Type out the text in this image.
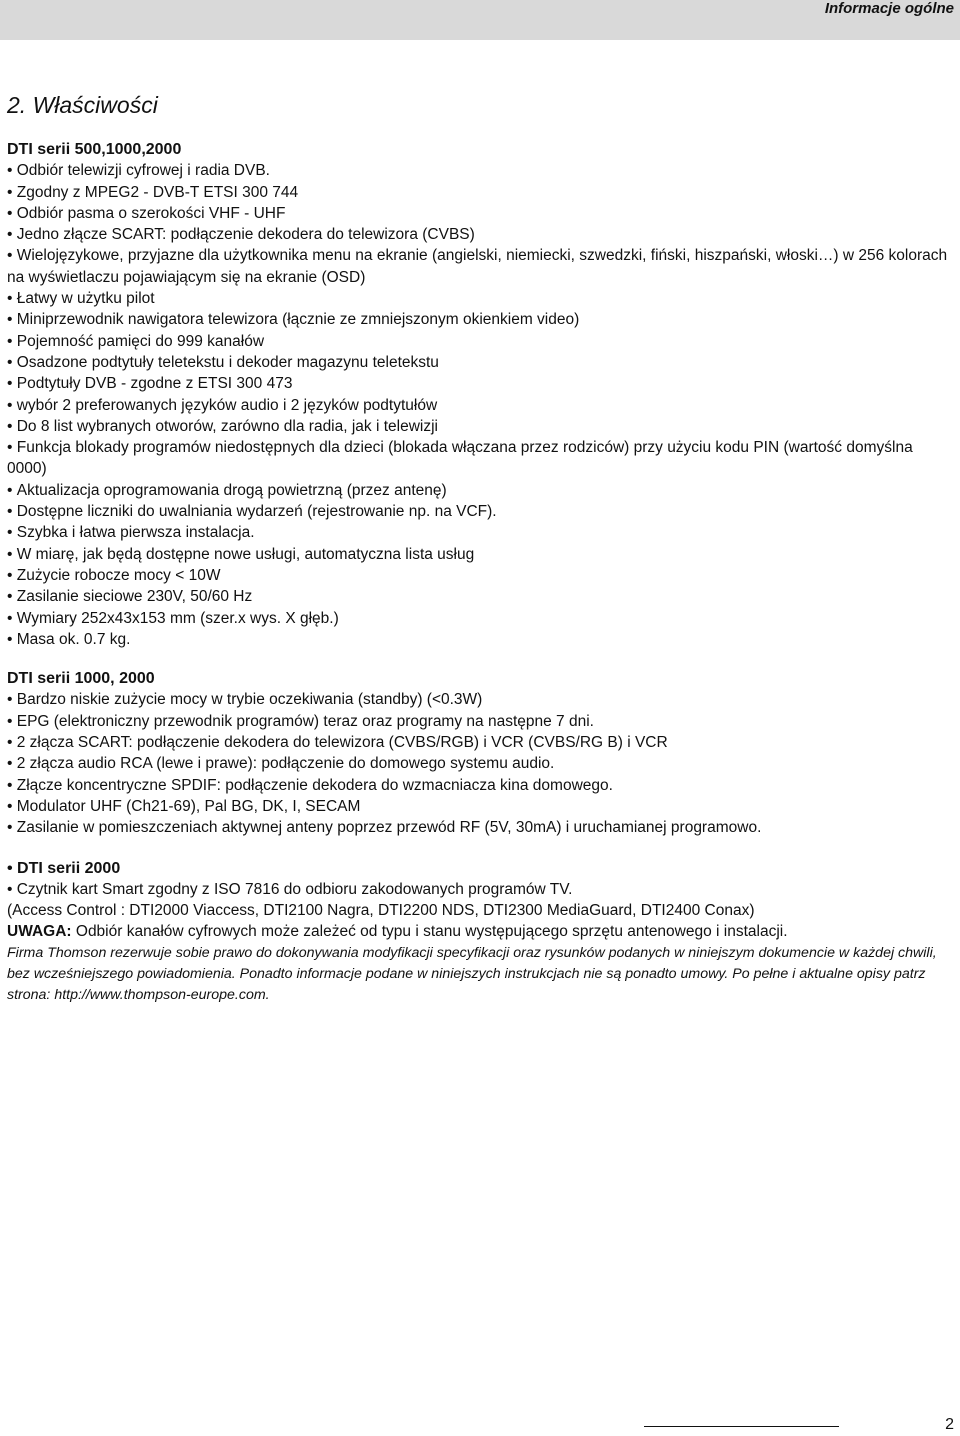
Informacje ogólne
2. Właściwości

DTI serii 500,1000,2000

• Odbiór telewizji cyfrowej i radia DVB.
• Zgodny z MPEG2 - DVB-T ETSI 300 744
• Odbiór pasma o szerokości VHF - UHF
• Jedno złącze SCART: podłączenie dekodera do telewizora (CVBS)
• Wielojęzykowe, przyjazne dla użytkownika menu na ekranie (angielski, niemiecki, szwedzki, fiński, hiszpański, włoski…) w 256 kolorach na wyświetlaczu pojawiającym się na ekranie (OSD)
• Łatwy w użytku pilot
• Miniprzewodnik nawigatora telewizora (łącznie ze zmniejszonym okienkiem video)
• Pojemność pamięci do 999 kanałów
• Osadzone podtytuły teletekstu i dekoder magazynu teletekstu
• Podtytuły DVB - zgodne z ETSI 300 473
• wybór 2 preferowanych języków audio i 2 języków podtytułów
• Do 8 list wybranych otworów, zarówno dla radia, jak i telewizji
• Funkcja blokady programów niedostępnych dla dzieci (blokada włączana przez rodziców) przy użyciu kodu PIN (wartość domyślna 0000)
• Aktualizacja oprogramowania drogą powietrzną (przez antenę)
• Dostępne liczniki do uwalniania wydarzeń (rejestrowanie np. na VCF).
• Szybka i łatwa pierwsza instalacja.
• W miarę, jak będą dostępne nowe usługi, automatyczna lista usług
• Zużycie robocze mocy < 10W
• Zasilanie sieciowe 230V, 50/60 Hz
• Wymiary 252x43x153 mm (szer.x wys. X głęb.)
• Masa ok. 0.7 kg.

DTI serii 1000, 2000

• Bardzo niskie zużycie mocy w trybie oczekiwania (standby) (<0.3W)
• EPG (elektroniczny przewodnik programów) teraz oraz programy na następne 7 dni.
• 2 złącza SCART: podłączenie dekodera do telewizora (CVBS/RGB) i VCR (CVBS/RG B) i VCR
• 2 złącza audio RCA (lewe i prawe): podłączenie do domowego systemu audio.
• Złącze koncentryczne SPDIF: podłączenie dekodera do wzmacniacza kina domowego.
• Modulator UHF (Ch21-69), Pal BG, DK, I, SECAM
• Zasilanie w pomieszczeniach aktywnej anteny poprzez przewód RF (5V, 30mA) i uruchamianej programowo.

• DTI serii 2000

• Czytnik kart Smart zgodny z ISO 7816 do odbioru zakodowanych programów TV.

(Access Control : DTI2000 Viaccess, DTI2100 Nagra, DTI2200 NDS, DTI2300 MediaGuard, DTI2400 Conax)

UWAGA: Odbiór kanałów cyfrowych może zależeć od typu i stanu występującego sprzętu antenowego i instalacji.

Firma Thomson rezerwuje sobie prawo do dokonywania modyfikacji specyfikacji oraz rysunków podanych w niniejszym dokumencie w każdej chwili, bez wcześniejszego powiadomienia. Ponadto informacje podane w niniejszych instrukcjach nie są ponadto umowy. Po pełne i aktualne opisy patrz strona: http://www.thompson-europe.com.

2
